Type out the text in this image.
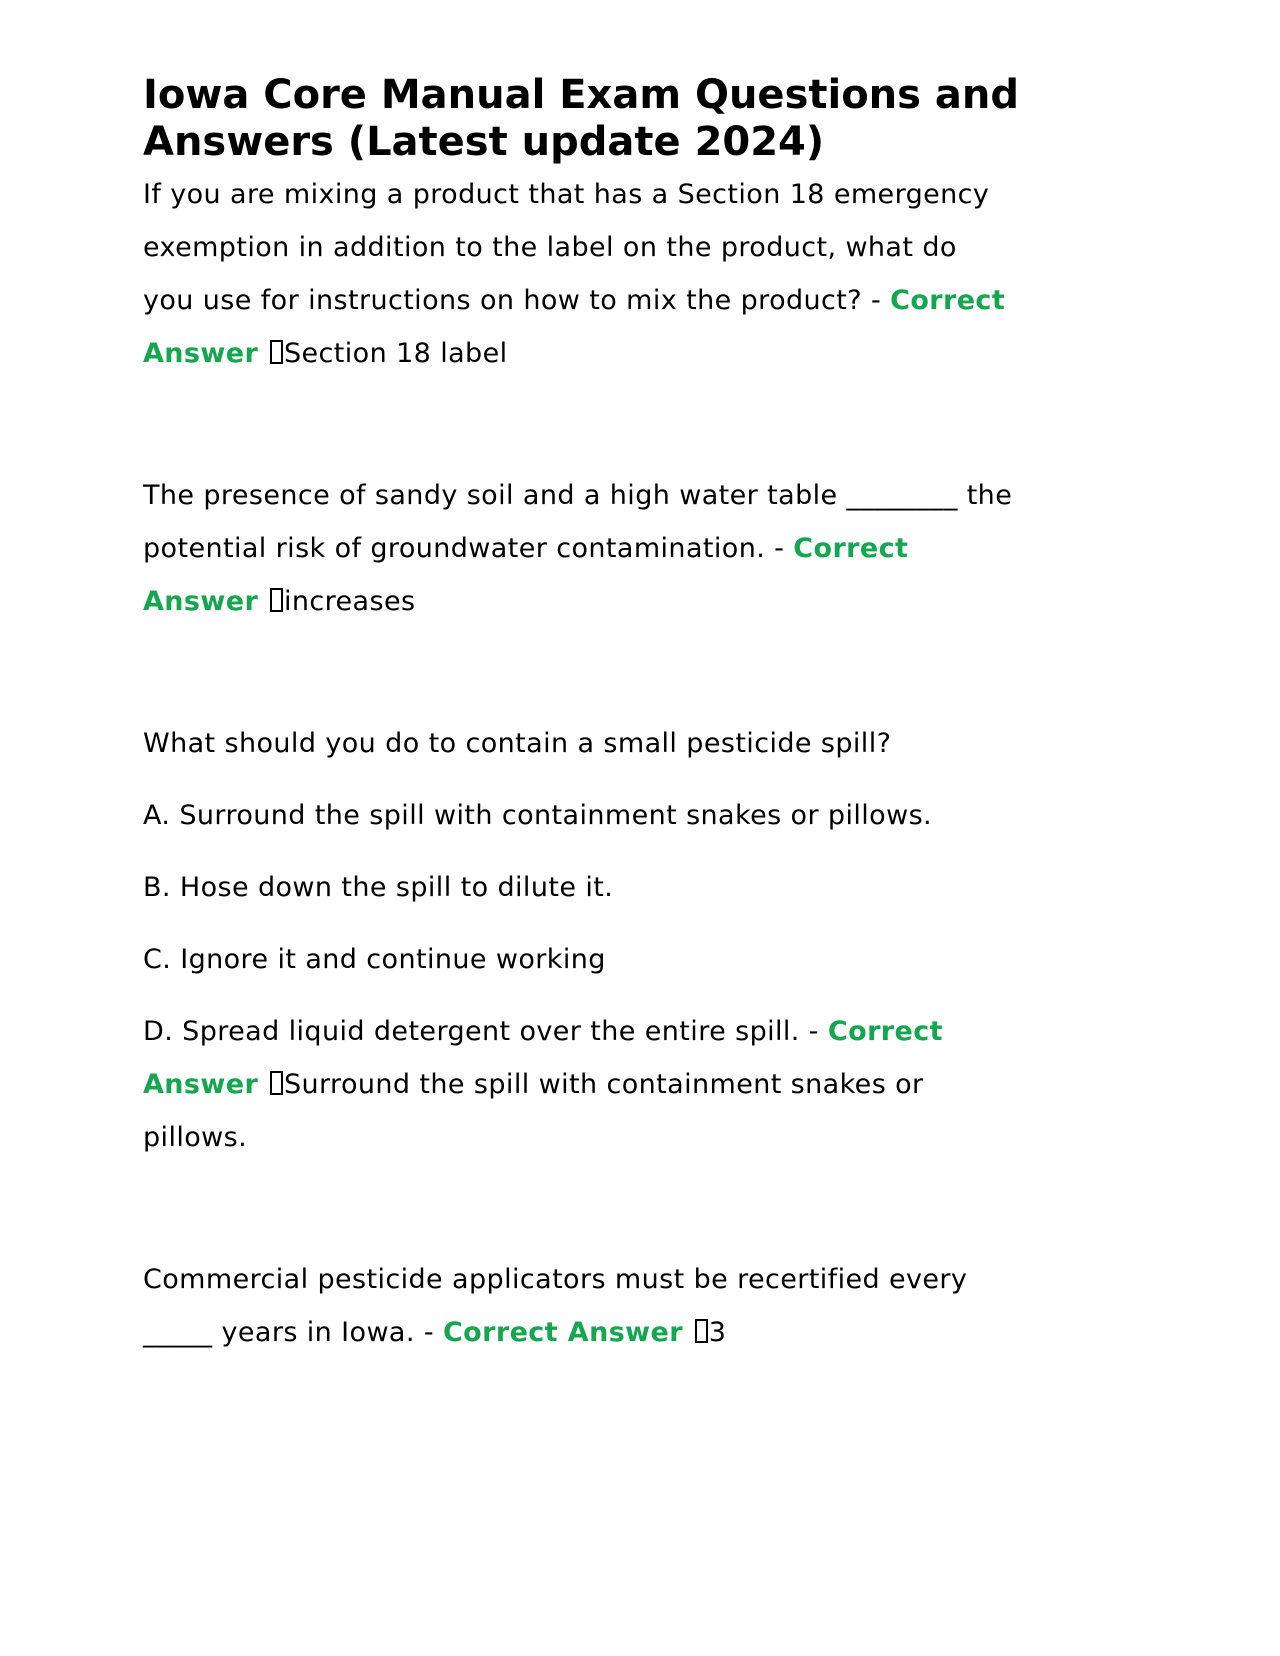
Iowa Core Manual Exam Questions and
Answers (Latest update 2024)

If you are mixing a product that has a Section 18 emergency
exemption in addition to the label on the product, what do
you use for instructions on how to mix the product? - Correct
Answer Section 18 label

The presence of sandy soil and a high water table ________ the
potential risk of groundwater contamination. - Correct
Answer increases

What should you do to contain a small pesticide spill?

A. Surround the spill with containment snakes or pillows.

B. Hose down the spill to dilute it.

C. Ignore it and continue working

D. Spread liquid detergent over the entire spill. - Correct
Answer Surround the spill with containment snakes or
pillows.

Commercial pesticide applicators must be recertified every
_____ years in Iowa. - Correct Answer 3
